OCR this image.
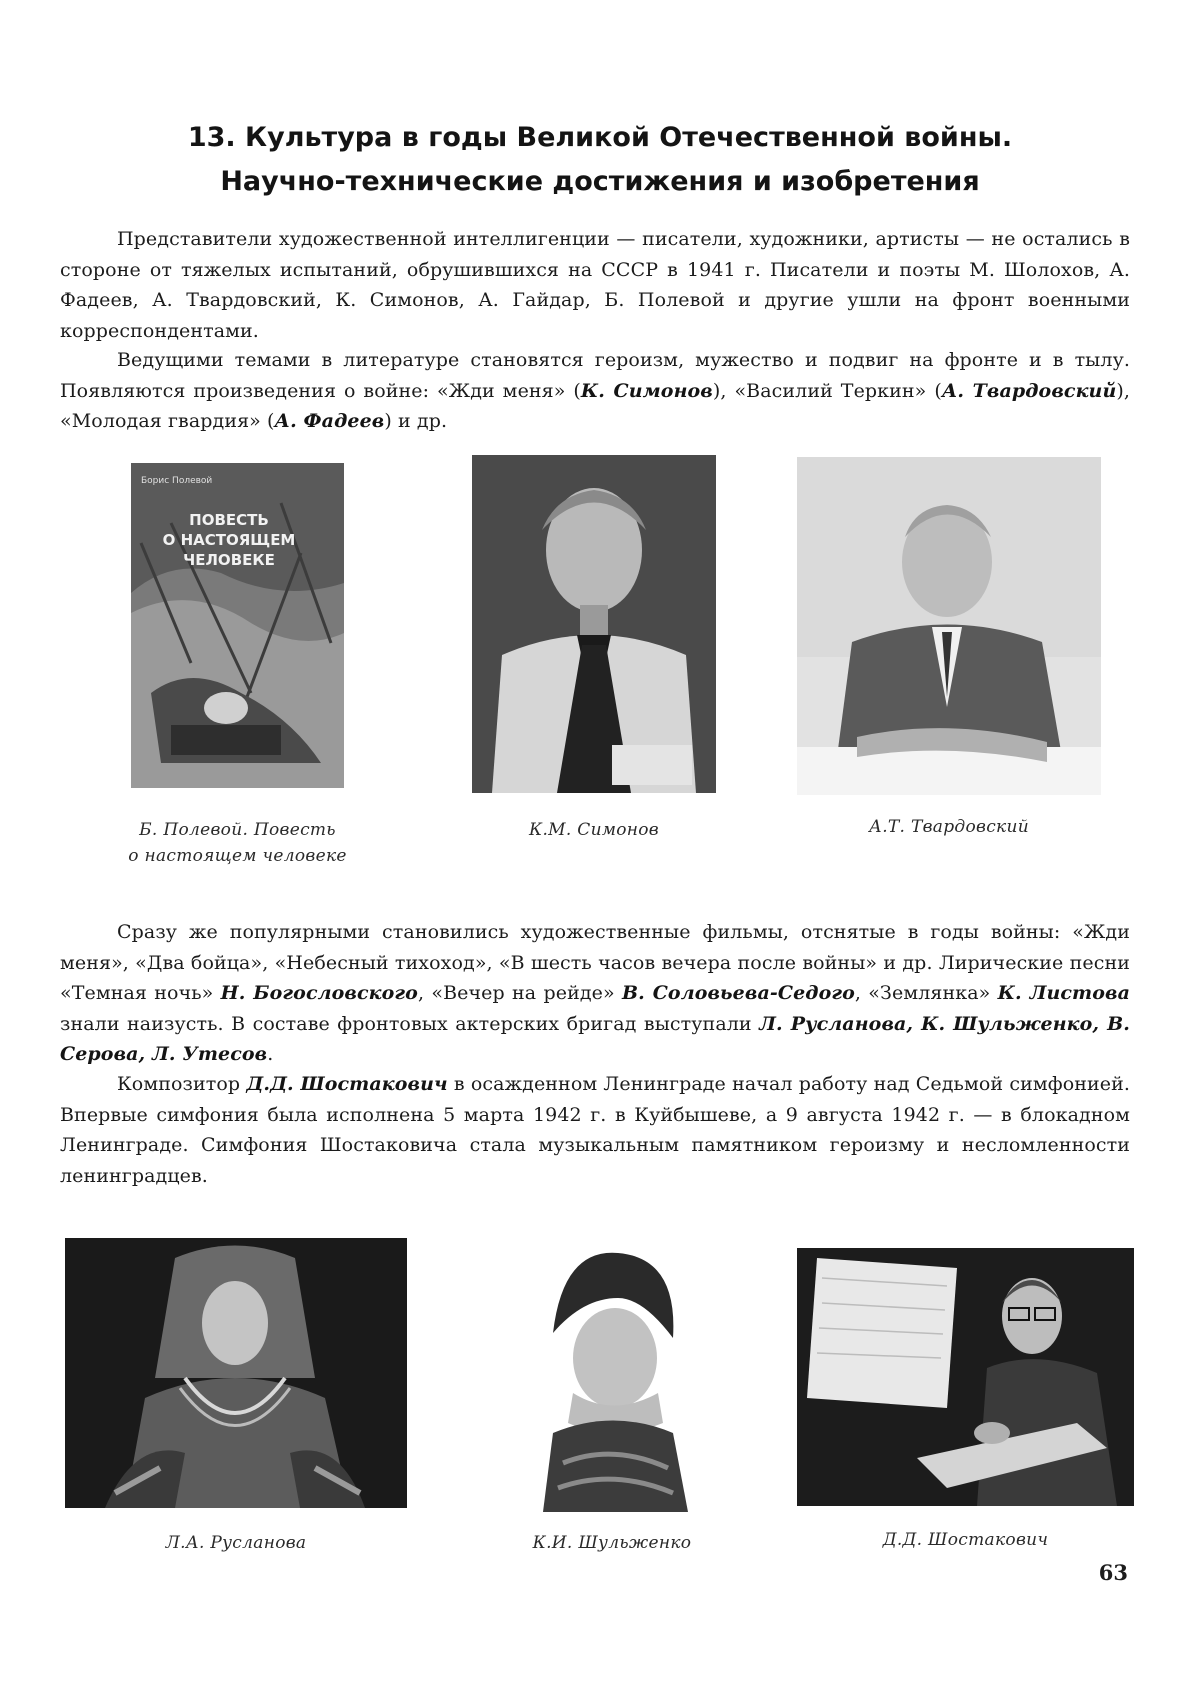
13. Культура в годы Великой Отечественной войны.
Научно-технические достижения и изобретения

Представители художественной интеллигенции — писатели, художники, артисты — не остались в стороне от тяжелых испытаний, обрушившихся на СССР в 1941 г. Писатели и поэты М. Шолохов, А. Фадеев, А. Твардовский, К. Симонов, А. Гайдар, Б. Полевой и другие ушли на фронт военными корреспондентами.

Ведущими темами в литературе становятся героизм, мужество и подвиг на фронте и в тылу. Появляются произведения о войне: «Жди меня» (К. Симонов), «Василий Теркин» (А. Твардовский), «Молодая гвардия» (А. Фадеев) и др.

Борис Полевой
ПОВЕСТЬ
О НАСТОЯЩЕМ
ЧЕЛОВЕКЕ
Б. Полевой. Повесть
о настоящем человеке
К.М. Симонов	А.Т. Твардовский

Сразу же популярными становились художественные фильмы, отснятые в годы войны: «Жди меня», «Два бойца», «Небесный тихоход», «В шесть часов вечера после войны» и др. Лирические песни «Темная ночь» Н. Богословского, «Вечер на рейде» В. Соловьева-Седого, «Землянка» К. Листова знали наизусть. В составе фронтовых актерских бригад выступали Л. Русланова, К. Шульженко, В. Серова, Л. Утесов.

Композитор Д.Д. Шостакович в осажденном Ленинграде начал работу над Седьмой симфонией. Впервые симфония была исполнена 5 марта 1942 г. в Куйбышеве, а 9 августа 1942 г. — в блокадном Ленинграде. Симфония Шостаковича стала музыкальным памятником героизму и несломленности ленинградцев.

Л.А. Русланова	К.И. Шульженко	Д.Д. Шостакович
63
